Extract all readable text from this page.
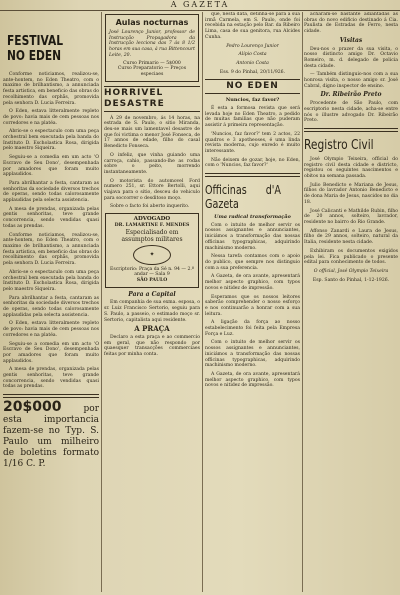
A GAZETA
FESTIVAL NO EDEN

Conforme noticiamos, realizou-se, ante-hontem, no Eden Theatro, com o maximo de brilhantismo, a annunciada festa artistica, em beneficio das obras do recolhimento das orphãs, promovida pela senhora D. Lucia Ferreira.

O Eden, estava litteralmente repleto de povo: havia mais de cem pessoas nos corredores e na platéa.

Abrio-se o espectaculo com uma peça orchestral bem executada pela banda do Instituto D. Escholastica Rosa, dirigida pelo maestro Siqueira.

Seguiu-se a comedia em um acto 'O Escravo de Seu Dono', desempenhada por amadores que foram muito applaudidos.

Para abrilhantar a festa, cantaram as senhoritas da sociedade diversos trechos de operas, sendo todas calorosamente applaudidas pela selecta assistencia.

A mesa de prendas, organizada pelas gentis senhoritas, teve grande concorrencia, sendo vendidas quasi todas as prendas.

Conforme noticiamos, realizou-se, ante-hontem, no Eden Theatro, com o maximo de brilhantismo, a annunciada festa artistica, em beneficio das obras do recolhimento das orphãs, promovida pela senhora D. Lucia Ferreira.

Abrio-se o espectaculo com uma peça orchestral bem executada pela banda do Instituto D. Escholastica Rosa, dirigida pelo maestro Siqueira.

Para abrilhantar a festa, cantaram as senhoritas da sociedade diversos trechos de operas, sendo todas calorosamente applaudidas pela selecta assistencia.

O Eden, estava litteralmente repleto de povo: havia mais de cem pessoas nos corredores e na platéa.

Seguiu-se a comedia em um acto 'O Escravo de Seu Dono', desempenhada por amadores que foram muito applaudidos.

A mesa de prendas, organizada pelas gentis senhoritas, teve grande concorrencia, sendo vendidas quasi todas as prendas.

20$000 por esta importancia fazem-se no Typ. S. Paulo um milheiro de boletins formato 1/16 C. P.
Aulas nocturnas
José Lourenço Junior, professor de Instrucção Propagadora da Instrucção lecciona das 7 ás 8 1/2 horas em sua casa, á rua Bittencourt Leite, 20.
Curso Primario — 5$000
Curso Preparatorio — Preços especiaes
HORRIVEL DESASTRE

Á 29 de novembro, ás 14 horas, na estrada de S. Paulo, o sitio Miranda, deu-se mais um lamentavel desastre de que foi victima o menor José Fonseca, de 17 annos de edade, filho do casal Benedicto Fonseca.

O infeliz, que vinha guiando uma carroça, cahio, passando-lhe as rodas sobre o peito, morrendo instantaneamente.

O motorista do automovel Ford numero 251, sr. Ettore Bertolli, aqui viajava para o sitio, desceu do vehiculo para soccorrer o desditoso moço.

Sobre o facto foi aberto inquerito.

ADVOGADO
DR. LAMARTINE F. MENDES
Especialisado em assumptos militares
✦
Escriptorio: Praça da Sé n. 94 — 2.º andar — Sala 9
SÃO PAULO
Para a Capital

Em companhia de sua exma. esposa, o sr. Luiz Francisco Sertorio, seguiu para S. Paulo, a passeio, o estimado moço sr. Sertorio, capitalista aqui residente.

A PRAÇA

Declaro a esta praça e ao commercio em geral, que não respondo por quaesquer transacções commerciaes feitas por minha conta.

que, nesta data, detinha-se para a sua irmã Carmela, em S. Paulo, onde foi recebida na estação pelo Bar. da Ribeiro Lima, casa de sua genitora, rua Alcides Cunha.

Pedro Lourenço Junior

Alípio Costa

Antonio Costa

Ess. 9 do Pinhal, 20/11/926.

NO EDEN
Nuncios, faz favor?

É esta a formosa revista que será levada hoje no Eden Theatro, a pedido de muitas familias que não puderam assistir á primeira representação.

'Nuncios, faz favor?' tem 2 actos, 22 quadros e 3 apotheoses, é uma linda revista moderna, cujo enredo é muito interessante.

Não deixem de gozar, hoje, no Eden, com o 'Nuncios, faz favor?'

Officinas d'A Gazeta
Uma radical transformação

Com o intuito de melhor servir os nossos assignantes e annunciantes, iniciámos a transformação das nossas officinas typographicas, adquirindo machinismo moderno.

Nessa tarefa contamos com o apoio do publico, que sempre nos distinguio com a sua preferencia.

A Gazeta, de ora avante, apresentará melhor aspecto graphico, com typos novos e nitidez de impressão.

Esperamos que os nossos leitores saberão comprehender o nosso esforço e nos continuarão a honrar com a sua leitura.

A ligação da força ao nosso estabelecimento foi feita pela Empresa Força e Luz.

Com o intuito de melhor servir os nossos assignantes e annunciantes, iniciámos a transformação das nossas officinas typographicas, adquirindo machinismo moderno.

A Gazeta, de ora avante, apresentará melhor aspecto graphico, com typos novos e nitidez de impressão.

acharam-se bastante adiantadas as obras do novo edificio destinado á Cia. Paulista de Estradas de Ferro, nesta cidade.

Visitas

Deu-nos o prazer da sua visita, o nosso distincto amigo Dr. Octavio Romeiro, m. d. delegado de policia desta cidade.

— Também distinguio-nos com a sua honrosa visita, o nosso amigo sr. José Cabral, digno inspector de ensino.

Dr. Ribeirão Preto

Procedente de São Paulo, com escriptorio nesta cidade, acha-se entre nós o illustre advogado Dr. Ribeirão Preto.

Registro Civil

José Olympio Teixeira, official do registro civil desta cidade e districto, registou os seguintes nascimentos e obitos na semana passada.

Julio Benedicto e Mariana de Jesus, filhos do lavrador Antonio Benedicto e de dona Maria de Jesus, nascidos no dia 18.

José Calicanti e Mathilde Rubin, filho de 20 annos, solteiro, lavrador, residente no bairro do Rio Grande.

Affonso Zanardi e Laura de Jesus, filho de 29 annos, solteiro, natural da Italia, residente nesta cidade.

Exhibiram os documentos exigidos pela lei. Fica publicado o presente edital para conhecimento de todos.

O official, José Olympio Teixeira

Esp. Santo do Pinhal, 1-12-1926.
